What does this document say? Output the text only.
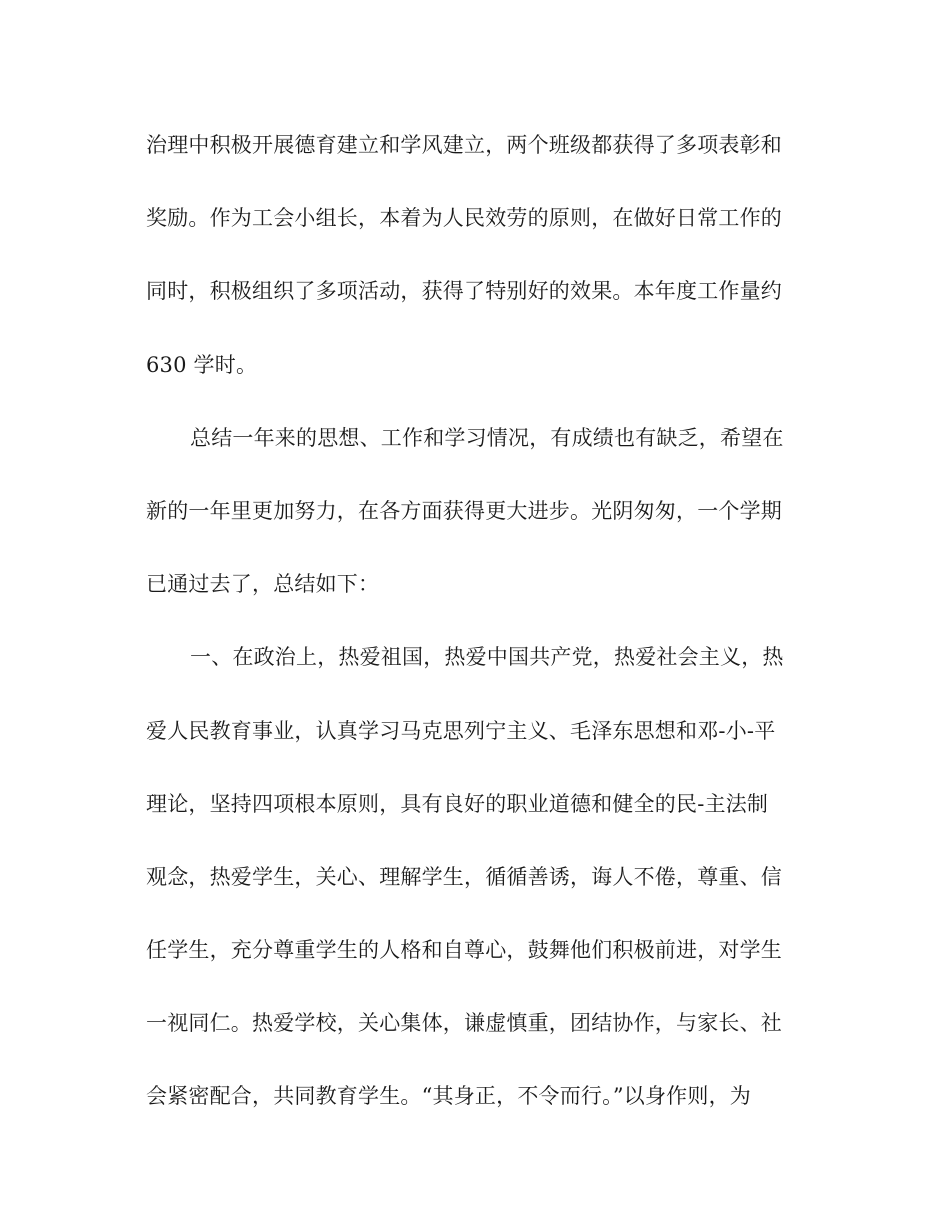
治理中积极开展德育建立和学风建立，两个班级都获得了多项表彰和
奖励。作为工会小组长，本着为人民效劳的原则，在做好日常工作的
同时，积极组织了多项活动，获得了特别好的效果。本年度工作量约
630 学时。
总结一年来的思想、工作和学习情况，有成绩也有缺乏，希望在
新的一年里更加努力，在各方面获得更大进步。光阴匆匆，一个学期
已通过去了，总结如下：
一、在政治上，热爱祖国，热爱中国共产党，热爱社会主义，热
爱人民教育事业，认真学习马克思列宁主义、毛泽东思想和邓-小-平
理论，坚持四项根本原则，具有良好的职业道德和健全的民-主法制
观念，热爱学生，关心、理解学生，循循善诱，诲人不倦，尊重、信
任学生，充分尊重学生的人格和自尊心，鼓舞他们积极前进，对学生
一视同仁。热爱学校，关心集体，谦虚慎重，团结协作，与家长、社
会紧密配合，共同教育学生。“其身正，不令而行。”以身作则，为
